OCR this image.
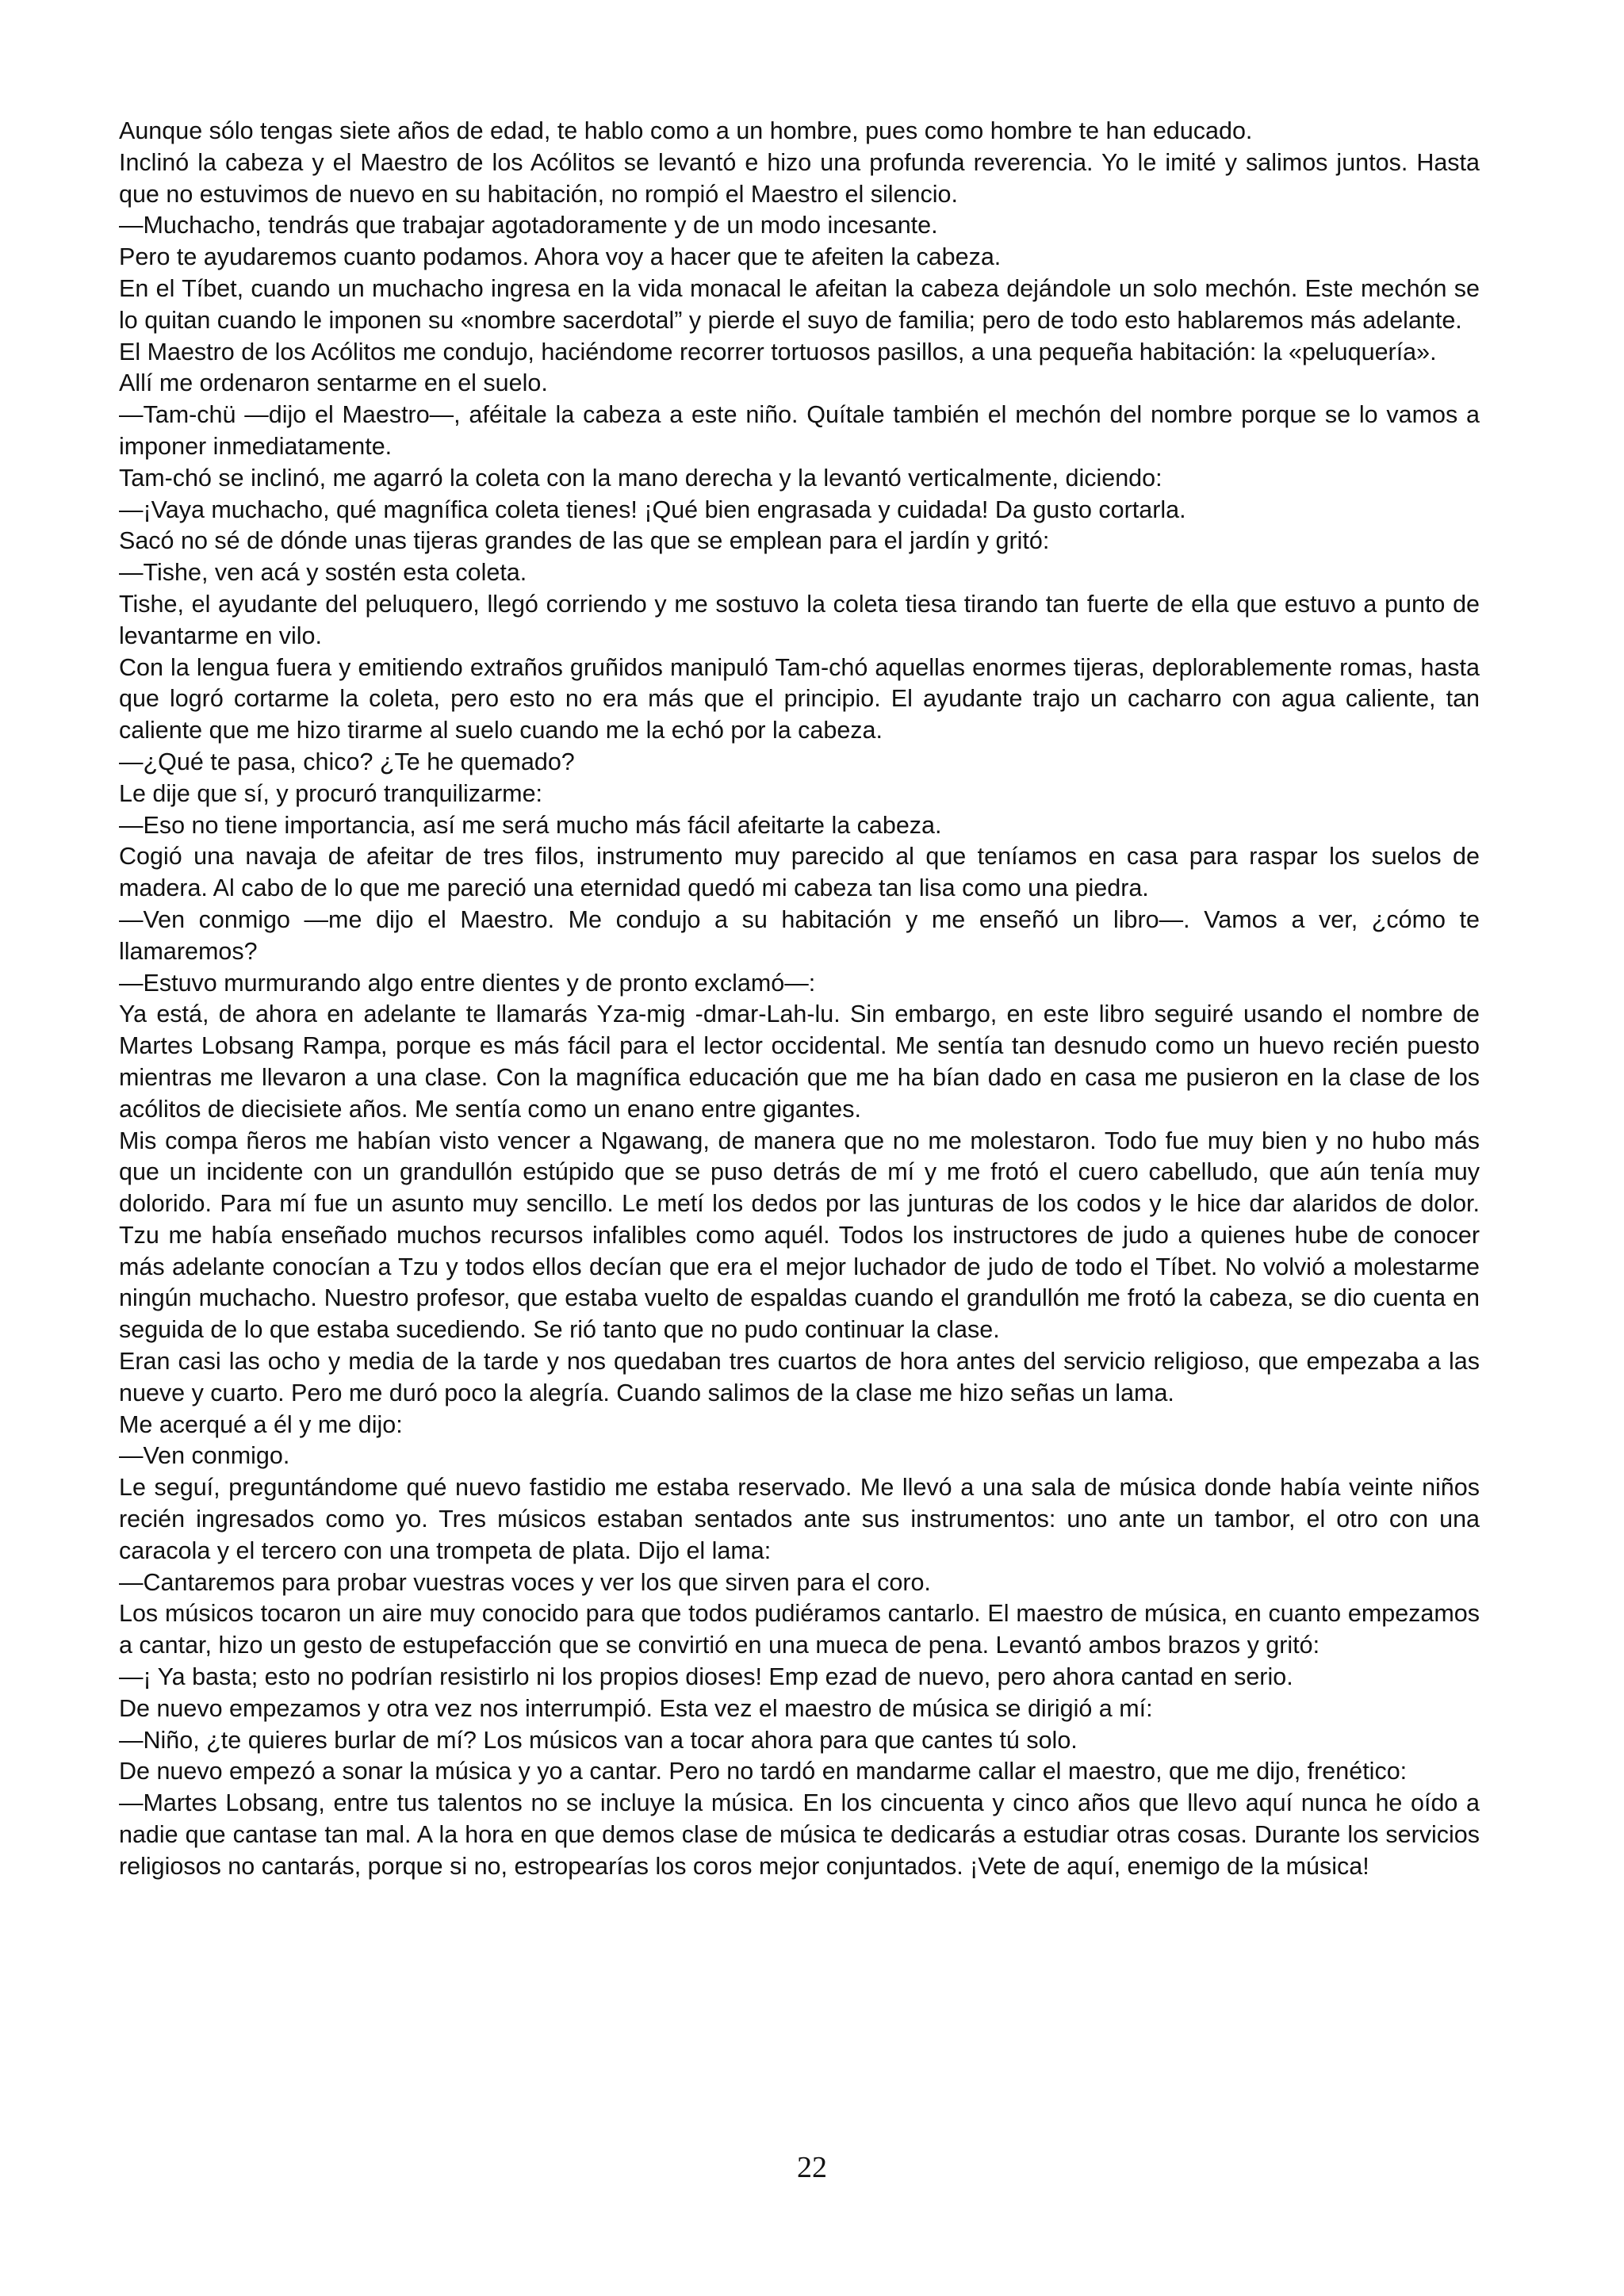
Aunque sólo tengas siete años de edad, te hablo como a un hombre, pues como hombre te han educado.

Inclinó la cabeza y el Maestro de los Acólitos se levantó e hizo una profunda reverencia. Yo le imité y salimos juntos. Hasta que no estuvimos de nuevo en su habitación, no rompió el Maestro el silencio.

—Muchacho, tendrás que trabajar agotadoramente y de un modo incesante.

Pero te ayudaremos cuanto podamos. Ahora voy a hacer que te afeiten la cabeza.

En el Tíbet, cuando un muchacho ingresa en la vida monacal le afeitan la cabeza dejándole un solo mechón. Este mechón se lo quitan cuando le imponen su «nombre sacerdotal” y pierde el suyo de familia; pero de todo esto hablaremos más adelante.

El Maestro de los Acólitos me condujo, haciéndome recorrer tortuosos pasillos, a una pequeña habitación: la «peluquería».

Allí me ordenaron sentarme en el suelo.

—Tam-chü —dijo el Maestro—, aféitale la cabeza a este niño. Quítale también el mechón del nombre porque se lo vamos a imponer inmediatamente.

Tam-chó se inclinó, me agarró la coleta con la mano derecha y la levantó verticalmente, diciendo:

—¡Vaya muchacho, qué magnífica coleta tienes! ¡Qué bien engrasada y cuidada! Da gusto cortarla.

Sacó no sé de dónde unas tijeras grandes de las que se emplean para el jardín y gritó:

—Tishe, ven acá y sostén esta coleta.

Tishe, el ayudante del peluquero, llegó corriendo y me sostuvo la coleta tiesa tirando tan fuerte de ella que estuvo a punto de levantarme en vilo.

Con la lengua fuera y emitiendo extraños gruñidos manipuló Tam-chó aquellas enormes tijeras, deplorablemente romas, hasta que logró cortarme la coleta, pero esto no era más que el principio. El ayudante trajo un cacharro con agua caliente, tan caliente que me hizo tirarme al suelo cuando me la echó por la cabeza.

—¿Qué te pasa, chico? ¿Te he quemado?

Le dije que sí, y procuró tranquilizarme:

—Eso no tiene importancia, así me será mucho más fácil afeitarte la cabeza.

Cogió una navaja de afeitar de tres filos, instrumento muy parecido al que teníamos en casa para raspar los suelos de madera. Al cabo de lo que me pareció una eternidad quedó mi cabeza tan lisa como una piedra.

—Ven conmigo —me dijo el Maestro. Me condujo a su habitación y me enseñó un libro—. Vamos a ver, ¿cómo te llamaremos?

—Estuvo murmurando algo entre dientes y de pronto exclamó—:

Ya está, de ahora en adelante te llamarás Yza-mig -dmar-Lah-lu. Sin embargo, en este libro seguiré usando el nombre de Martes Lobsang Rampa, porque es más fácil para el lector occidental. Me sentía tan desnudo como un huevo recién puesto mientras me llevaron a una clase. Con la magnífica educación que me ha bían dado en casa me pusieron en la clase de los acólitos de diecisiete años. Me sentía como un enano entre gigantes.

Mis compa ñeros me habían visto vencer a Ngawang, de manera que no me molestaron. Todo fue muy bien y no hubo más que un incidente con un grandullón estúpido que se puso detrás de mí y me frotó el cuero cabelludo, que aún tenía muy dolorido. Para mí fue un asunto muy sencillo. Le metí los dedos por las junturas de los codos y le hice dar alaridos de dolor. Tzu me había enseñado muchos recursos infalibles como aquél. Todos los instructores de judo a quienes hube de conocer más adelante conocían a Tzu y todos ellos decían que era el mejor luchador de judo de todo el Tíbet. No volvió a molestarme ningún muchacho. Nuestro profesor, que estaba vuelto de espaldas cuando el grandullón me frotó la cabeza, se dio cuenta en seguida de lo que estaba sucediendo. Se rió tanto que no pudo continuar la clase.

Eran casi las ocho y media de la tarde y nos quedaban tres cuartos de hora antes del servicio religioso, que empezaba a las nueve y cuarto. Pero me duró poco la alegría. Cuando salimos de la clase me hizo señas un lama.

Me acerqué a él y me dijo:

—Ven conmigo.

Le seguí, preguntándome qué nuevo fastidio me estaba reservado. Me llevó a una sala de música donde había veinte niños recién ingresados como yo. Tres músicos estaban sentados ante sus instrumentos: uno ante un tambor, el otro con una caracola y el tercero con una trompeta de plata. Dijo el lama:

—Cantaremos para probar vuestras voces y ver los que sirven para el coro.

Los músicos tocaron un aire muy conocido para que todos pudiéramos cantarlo. El maestro de música, en cuanto empezamos a cantar, hizo un gesto de estupefacción que se convirtió en una mueca de pena. Levantó ambos brazos y gritó:

—¡ Ya basta; esto no podrían resistirlo ni los propios dioses! Emp ezad de nuevo, pero ahora cantad en serio.

De nuevo empezamos y otra vez nos interrumpió. Esta vez el maestro de música se dirigió a mí:

—Niño, ¿te quieres burlar de mí? Los músicos van a tocar ahora para que cantes tú solo.

De nuevo empezó a sonar la música y yo a cantar. Pero no tardó en mandarme callar el maestro, que me dijo, frenético:

—Martes Lobsang, entre tus talentos no se incluye la música. En los cincuenta y cinco años que llevo aquí nunca he oído a nadie que cantase tan mal. A la hora en que demos clase de música te dedicarás a estudiar otras cosas. Durante los servicios religiosos no cantarás, porque si no, estropearías los coros mejor conjuntados. ¡Vete de aquí, enemigo de la música!

22
